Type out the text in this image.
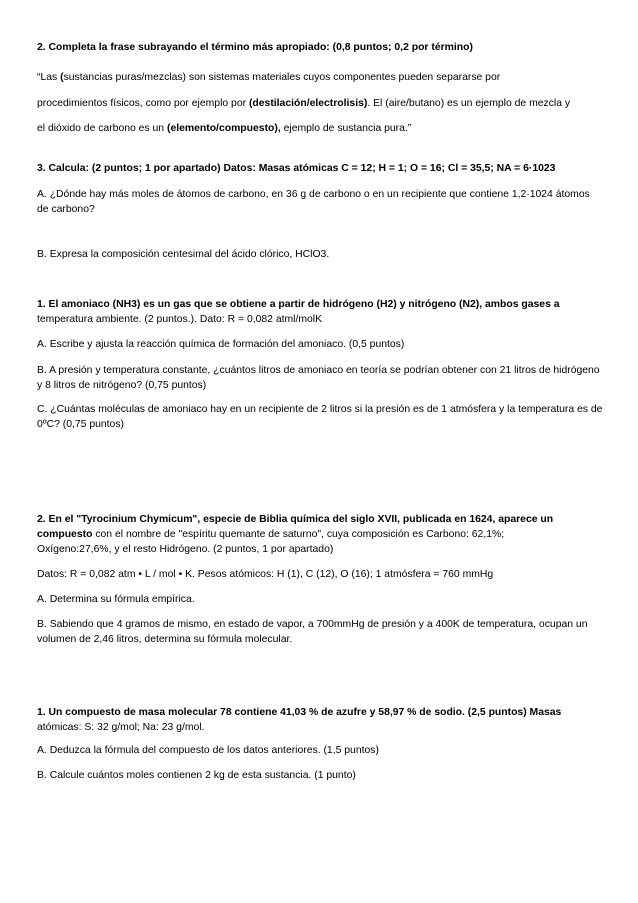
2. Completa la frase subrayando el término más apropiado: (0,8 puntos; 0,2 por término)

“Las (sustancias puras/mezclas) son sistemas materiales cuyos componentes pueden separarse por

procedimientos físicos, como por ejemplo por (destilación/electrolisis). El (aire/butano) es un ejemplo de mezcla y

el dióxido de carbono es un (elemento/compuesto), ejemplo de sustancia pura.”

3. Calcula: (2 puntos; 1 por apartado) Datos: Masas atómicas C = 12; H = 1; O = 16; Cl = 35,5; NA = 6·1023

A. ¿Dónde hay más moles de átomos de carbono, en 36 g de carbono o en un recipiente que contiene 1,2·1024 átomos de carbono?

B. Expresa la composición centesimal del ácido clórico, HClO3.

1. El amoniaco (NH3) es un gas que se obtiene a partir de hidrógeno (H2) y nitrógeno (N2), ambos gases a
temperatura ambiente. (2 puntos.). Dato: R = 0,082 atml/molK

A. Escribe y ajusta la reacción química de formación del amoniaco. (0,5 puntos)

B. A presión y temperatura constante, ¿cuántos litros de amoniaco en teoría se podrían obtener con 21 litros de hidrógeno y 8 litros de nitrógeno? (0,75 puntos)

C. ¿Cuántas moléculas de amoniaco hay en un recipiente de 2 litros si la presión es de 1 atmósfera y la temperatura es de 0ºC? (0,75 puntos)

2. En el "Tyrocinium Chymicum", especie de Biblia química del siglo XVII, publicada en 1624, aparece un
compuesto con el nombre de "espíritu quemante de saturno", cuya composición es Carbono: 62,1%;
Oxígeno:27,6%, y el resto Hidrógeno. (2 puntos, 1 por apartado)

Datos: R = 0,082 atm • L / mol • K. Pesos atómicos: H (1), C (12), O (16); 1 atmósfera = 760 mmHg

A. Determina su fórmula empírica.

B. Sabiendo que 4 gramos de mismo, en estado de vapor, a 700mmHg de presión y a 400K de temperatura, ocupan un volumen de 2,46 litros, determina su fórmula molecular.

1. Un compuesto de masa molecular 78 contiene 41,03 % de azufre y 58,97 % de sodio. (2,5 puntos) Masas
atómicas: S: 32 g/mol; Na: 23 g/mol.

A. Deduzca la fórmula del compuesto de los datos anteriores. (1,5 puntos)

B. Calcule cuántos moles contienen 2 kg de esta sustancia. (1 punto)
